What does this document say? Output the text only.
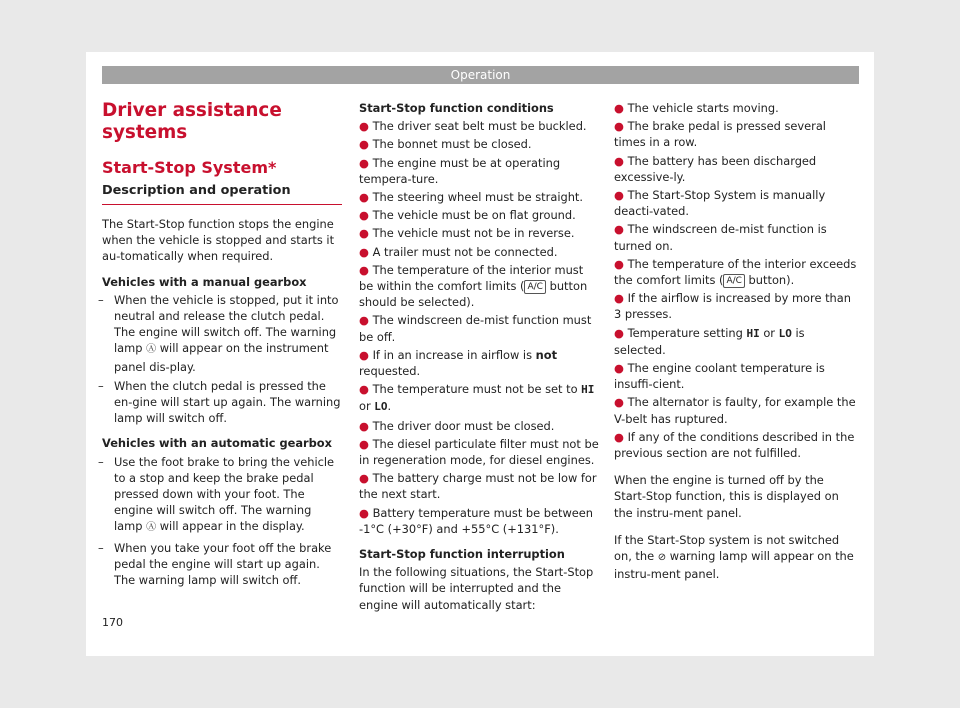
Operation
Driver assistance systems
Start-Stop System*
Description and operation

The Start-Stop function stops the engine when the vehicle is stopped and starts it au-tomatically when required.

Vehicles with a manual gearbox

– When the vehicle is stopped, put it into neutral and release the clutch pedal. The engine will switch off. The warning lamp Ⓐ will appear on the instrument panel dis-play.
– When the clutch pedal is pressed the en-gine will start up again. The warning lamp will switch off.

Vehicles with an automatic gearbox

– Use the foot brake to bring the vehicle to a stop and keep the brake pedal pressed down with your foot. The engine will switch off. The warning lamp Ⓐ will appear in the display.
– When you take your foot off the brake pedal the engine will start up again. The warning lamp will switch off.

Start-Stop function conditions

● The driver seat belt must be buckled.

● The bonnet must be closed.

● The engine must be at operating tempera-ture.

● The steering wheel must be straight.

● The vehicle must be on flat ground.

● The vehicle must not be in reverse.

● A trailer must not be connected.

● The temperature of the interior must be within the comfort limits ( A/C button should be selected).

● The windscreen de-mist function must be off.

● If in an increase in airflow is not requested.

● The temperature must not be set to HI or LO.

● The driver door must be closed.

● The diesel particulate filter must not be in regeneration mode, for diesel engines.

● The battery charge must not be low for the next start.

● Battery temperature must be between -1°C (+30°F) and +55°C (+131°F).

Start-Stop function interruption

In the following situations, the Start-Stop function will be interrupted and the engine will automatically start:

● The vehicle starts moving.

● The brake pedal is pressed several times in a row.

● The battery has been discharged excessive-ly.

● The Start-Stop System is manually deacti-vated.

● The windscreen de-mist function is turned on.

● The temperature of the interior exceeds the comfort limits ( A/C button).

● If the airflow is increased by more than 3 presses.

● Temperature setting HI or LO is selected.

● The engine coolant temperature is insuffi-cient.

● The alternator is faulty, for example the V-belt has ruptured.

● If any of the conditions described in the previous section are not fulfilled.

When the engine is turned off by the Start-Stop function, this is displayed on the instru-ment panel.

If the Start-Stop system is not switched on, the ⊘ warning lamp will appear on the instru-ment panel.

170
